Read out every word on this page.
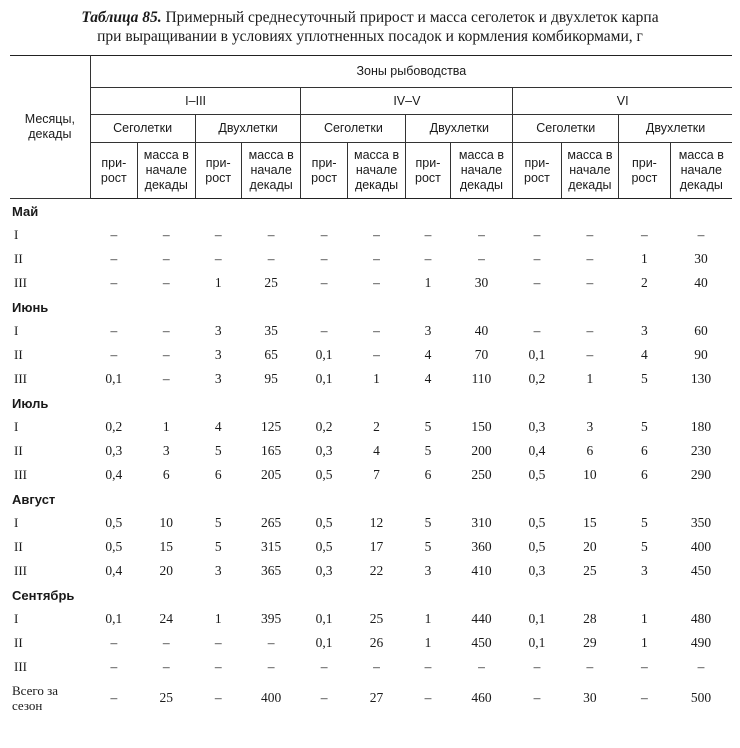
Таблица 85. Примерный среднесуточный прирост и масса сеголеток и двухлеток карпа
при выращивании в условиях уплотненных посадок и кормления комбикормами, г
Месяцы, декады	Зоны рыбоводства											
	I–III				IV–V				VI			
	Сеголетки		Двухлетки		Сеголетки		Двухлетки		Сеголетки		Двухлетки	
	при-рост	масса в начале декады	при-рост	масса в начале декады	при-рост	масса в начале декады	при-рост	масса в начале декады	при-рост	масса в начале декады	при-рост	масса в начале декады
Май												
I	–	–	–	–	–	–	–	–	–	–	–	–
II	–	–	–	–	–	–	–	–	–	–	1	30
III	–	–	1	25	–	–	1	30	–	–	2	40
Июнь												
I	–	–	3	35	–	–	3	40	–	–	3	60
II	–	–	3	65	0,1	–	4	70	0,1	–	4	90
III	0,1	–	3	95	0,1	1	4	110	0,2	1	5	130
Июль												
I	0,2	1	4	125	0,2	2	5	150	0,3	3	5	180
II	0,3	3	5	165	0,3	4	5	200	0,4	6	6	230
III	0,4	6	6	205	0,5	7	6	250	0,5	10	6	290
Август												
I	0,5	10	5	265	0,5	12	5	310	0,5	15	5	350
II	0,5	15	5	315	0,5	17	5	360	0,5	20	5	400
III	0,4	20	3	365	0,3	22	3	410	0,3	25	3	450
Сентябрь												
I	0,1	24	1	395	0,1	25	1	440	0,1	28	1	480
II	–	–	–	–	0,1	26	1	450	0,1	29	1	490
III	–	–	–	–	–	–	–	–	–	–	–	–
Всего за сезон	–	25	–	400	–	27	–	460	–	30	–	500
